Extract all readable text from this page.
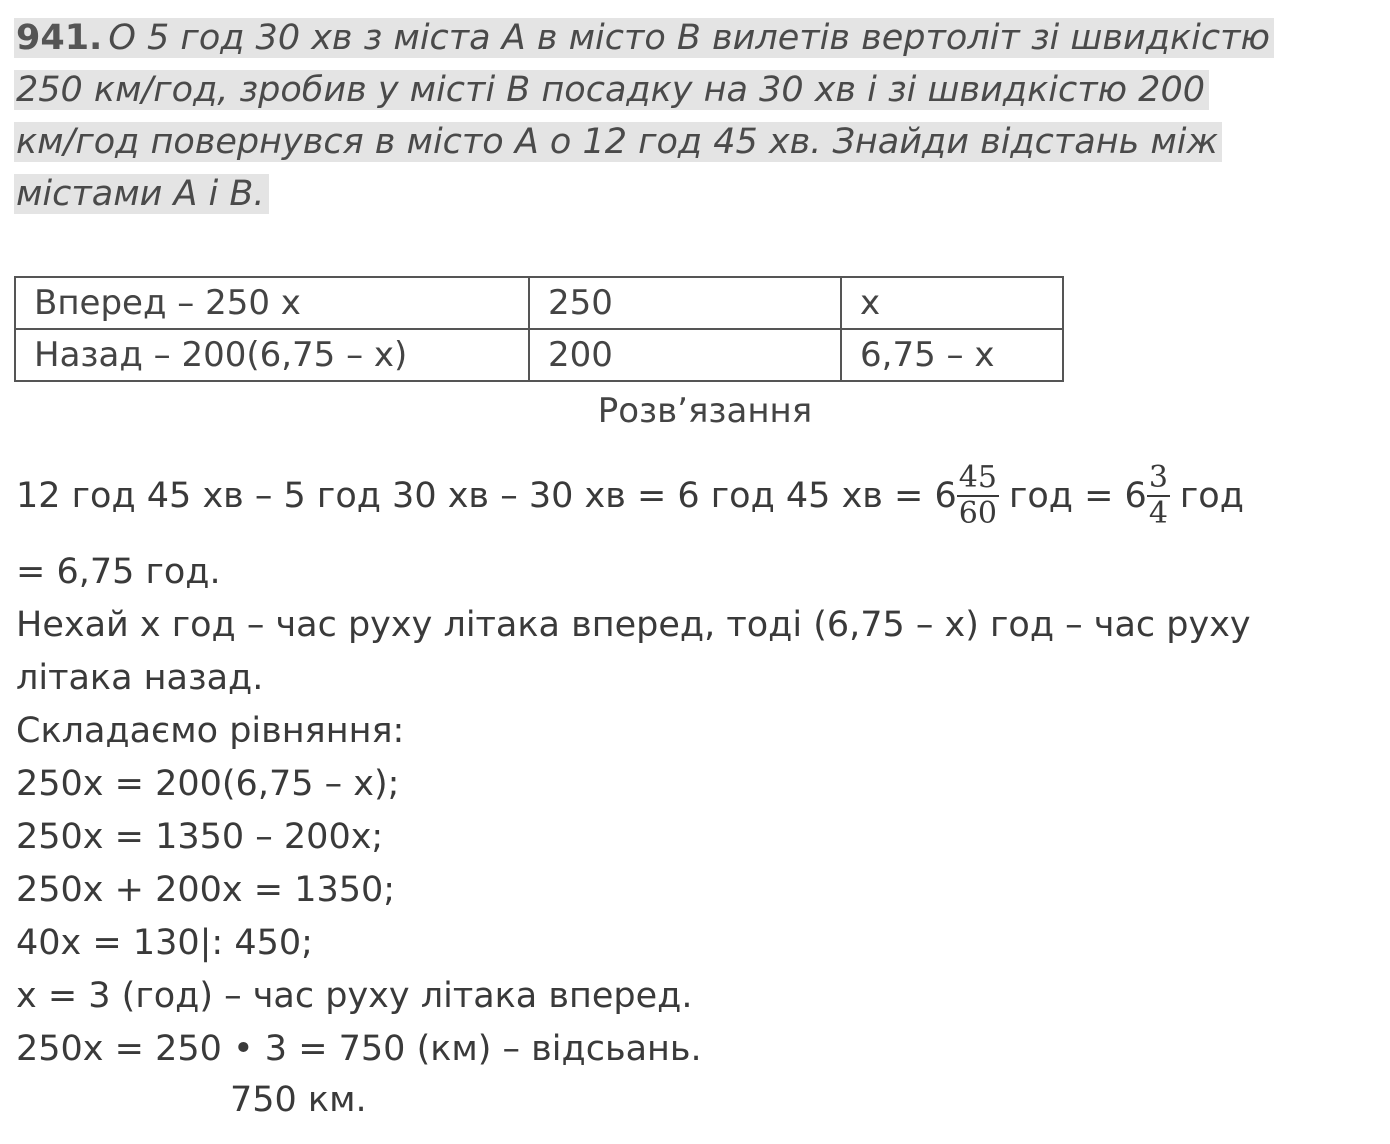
941. О 5 год 30 хв з міста А в місто В вилетів вертоліт зі швидкістю
250 км/год, зробив у місті В посадку на 30 хв і зі швидкістю 200
км/год повернувся в місто А о 12 год 45 хв. Знайди відстань між
містами А і В.
Вперед – 250 х	250	х
Назад – 200(6,75 – х)	200	6,75 – х
Розв’язання
12 год 45 хв – 5 год 30 хв – 30 хв = 6 год 45 хв = $6 \frac{45}{60}$ год = $6 \frac{3}{4}$ год
= 6,75 год.
Нехай х год – час руху літака вперед, тоді (6,75 – х) год – час руху
літака назад.
Складаємо рівняння:
250х = 200(6,75 – х);
250х = 1350 – 200х;
250х + 200х = 1350;
40х = 130|: 450;
х = 3 (год) – час руху літака вперед.
250х = 250 • 3 = 750 (км) – відсьань.
750 км.
